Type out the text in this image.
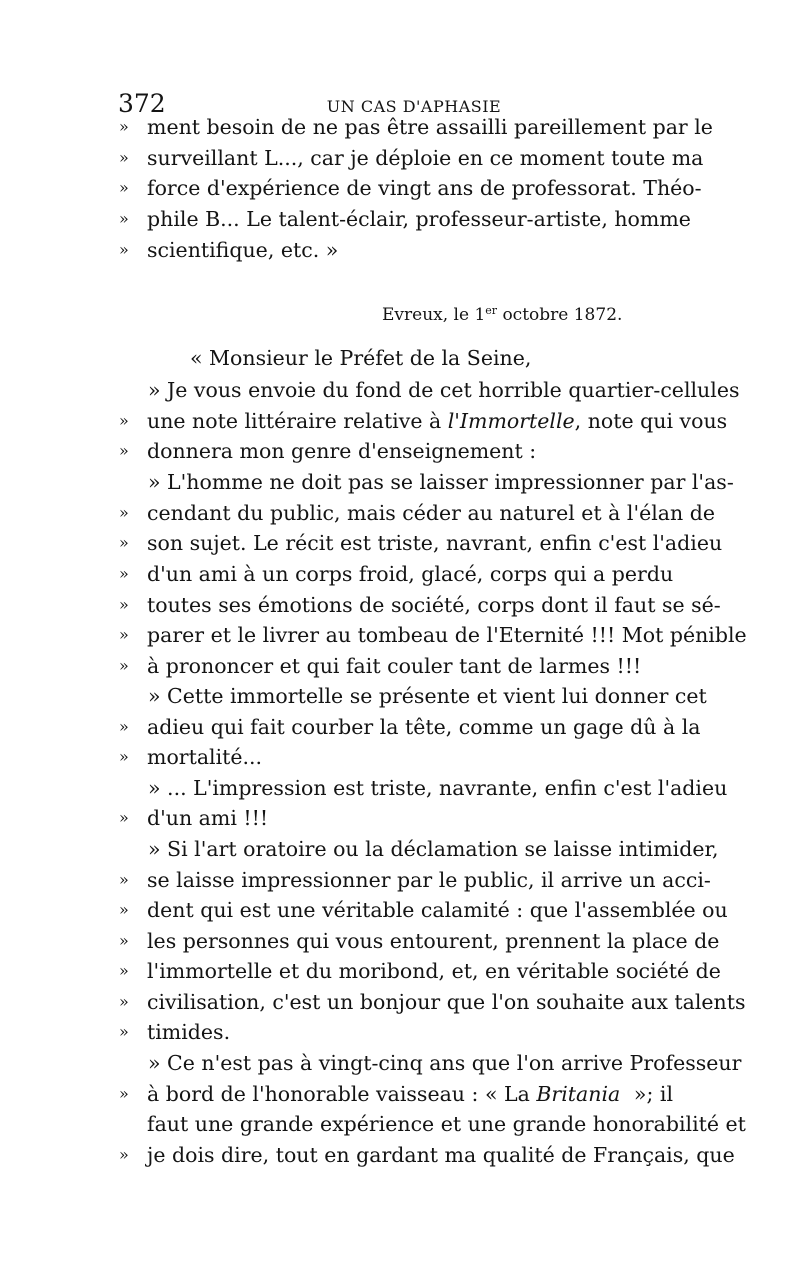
372	UN CAS D'APHASIE
» ment besoin de ne pas être assailli pareillement par le
» surveillant L..., car je déploie en ce moment toute ma
» force d'expérience de vingt ans de professorat. Théo-
» phile B... Le talent-éclair, professeur-artiste, homme
» scientifique, etc. »
Evreux, le 1er octobre 1872.
« Monsieur le Préfet de la Seine,
» Je vous envoie du fond de cet horrible quartier-cellules
» une note littéraire relative à l'Immortelle , note qui vous
» donnera mon genre d'enseignement :
» L'homme ne doit pas se laisser impressionner par l'as-
» cendant du public, mais céder au naturel et à l'élan de
» son sujet. Le récit est triste, navrant, enfin c'est l'adieu
» d'un ami à un corps froid, glacé, corps qui a perdu
» toutes ses émotions de société, corps dont il faut se sé-
» parer et le livrer au tombeau de l'Eternité !!! Mot pénible
» à prononcer et qui fait couler tant de larmes !!!
» Cette immortelle se présente et vient lui donner cet
» adieu qui fait courber la tête, comme un gage dû à la
» mortalité...
» ... L'impression est triste, navrante, enfin c'est l'adieu
» d'un ami !!!
» Si l'art oratoire ou la déclamation se laisse intimider,
» se laisse impressionner par le public, il arrive un acci-
» dent qui est une véritable calamité : que l'assemblée ou
» les personnes qui vous entourent, prennent la place de
» l'immortelle et du moribond, et, en véritable société de
» civilisation, c'est un bonjour que l'on souhaite aux talents
» timides.
» Ce n'est pas à vingt-cinq ans que l'on arrive Professeur
» à bord de l'honorable vaisseau : « La Britania »; il
faut une grande expérience et une grande honorabilité et
» je dois dire, tout en gardant ma qualité de Français, que
